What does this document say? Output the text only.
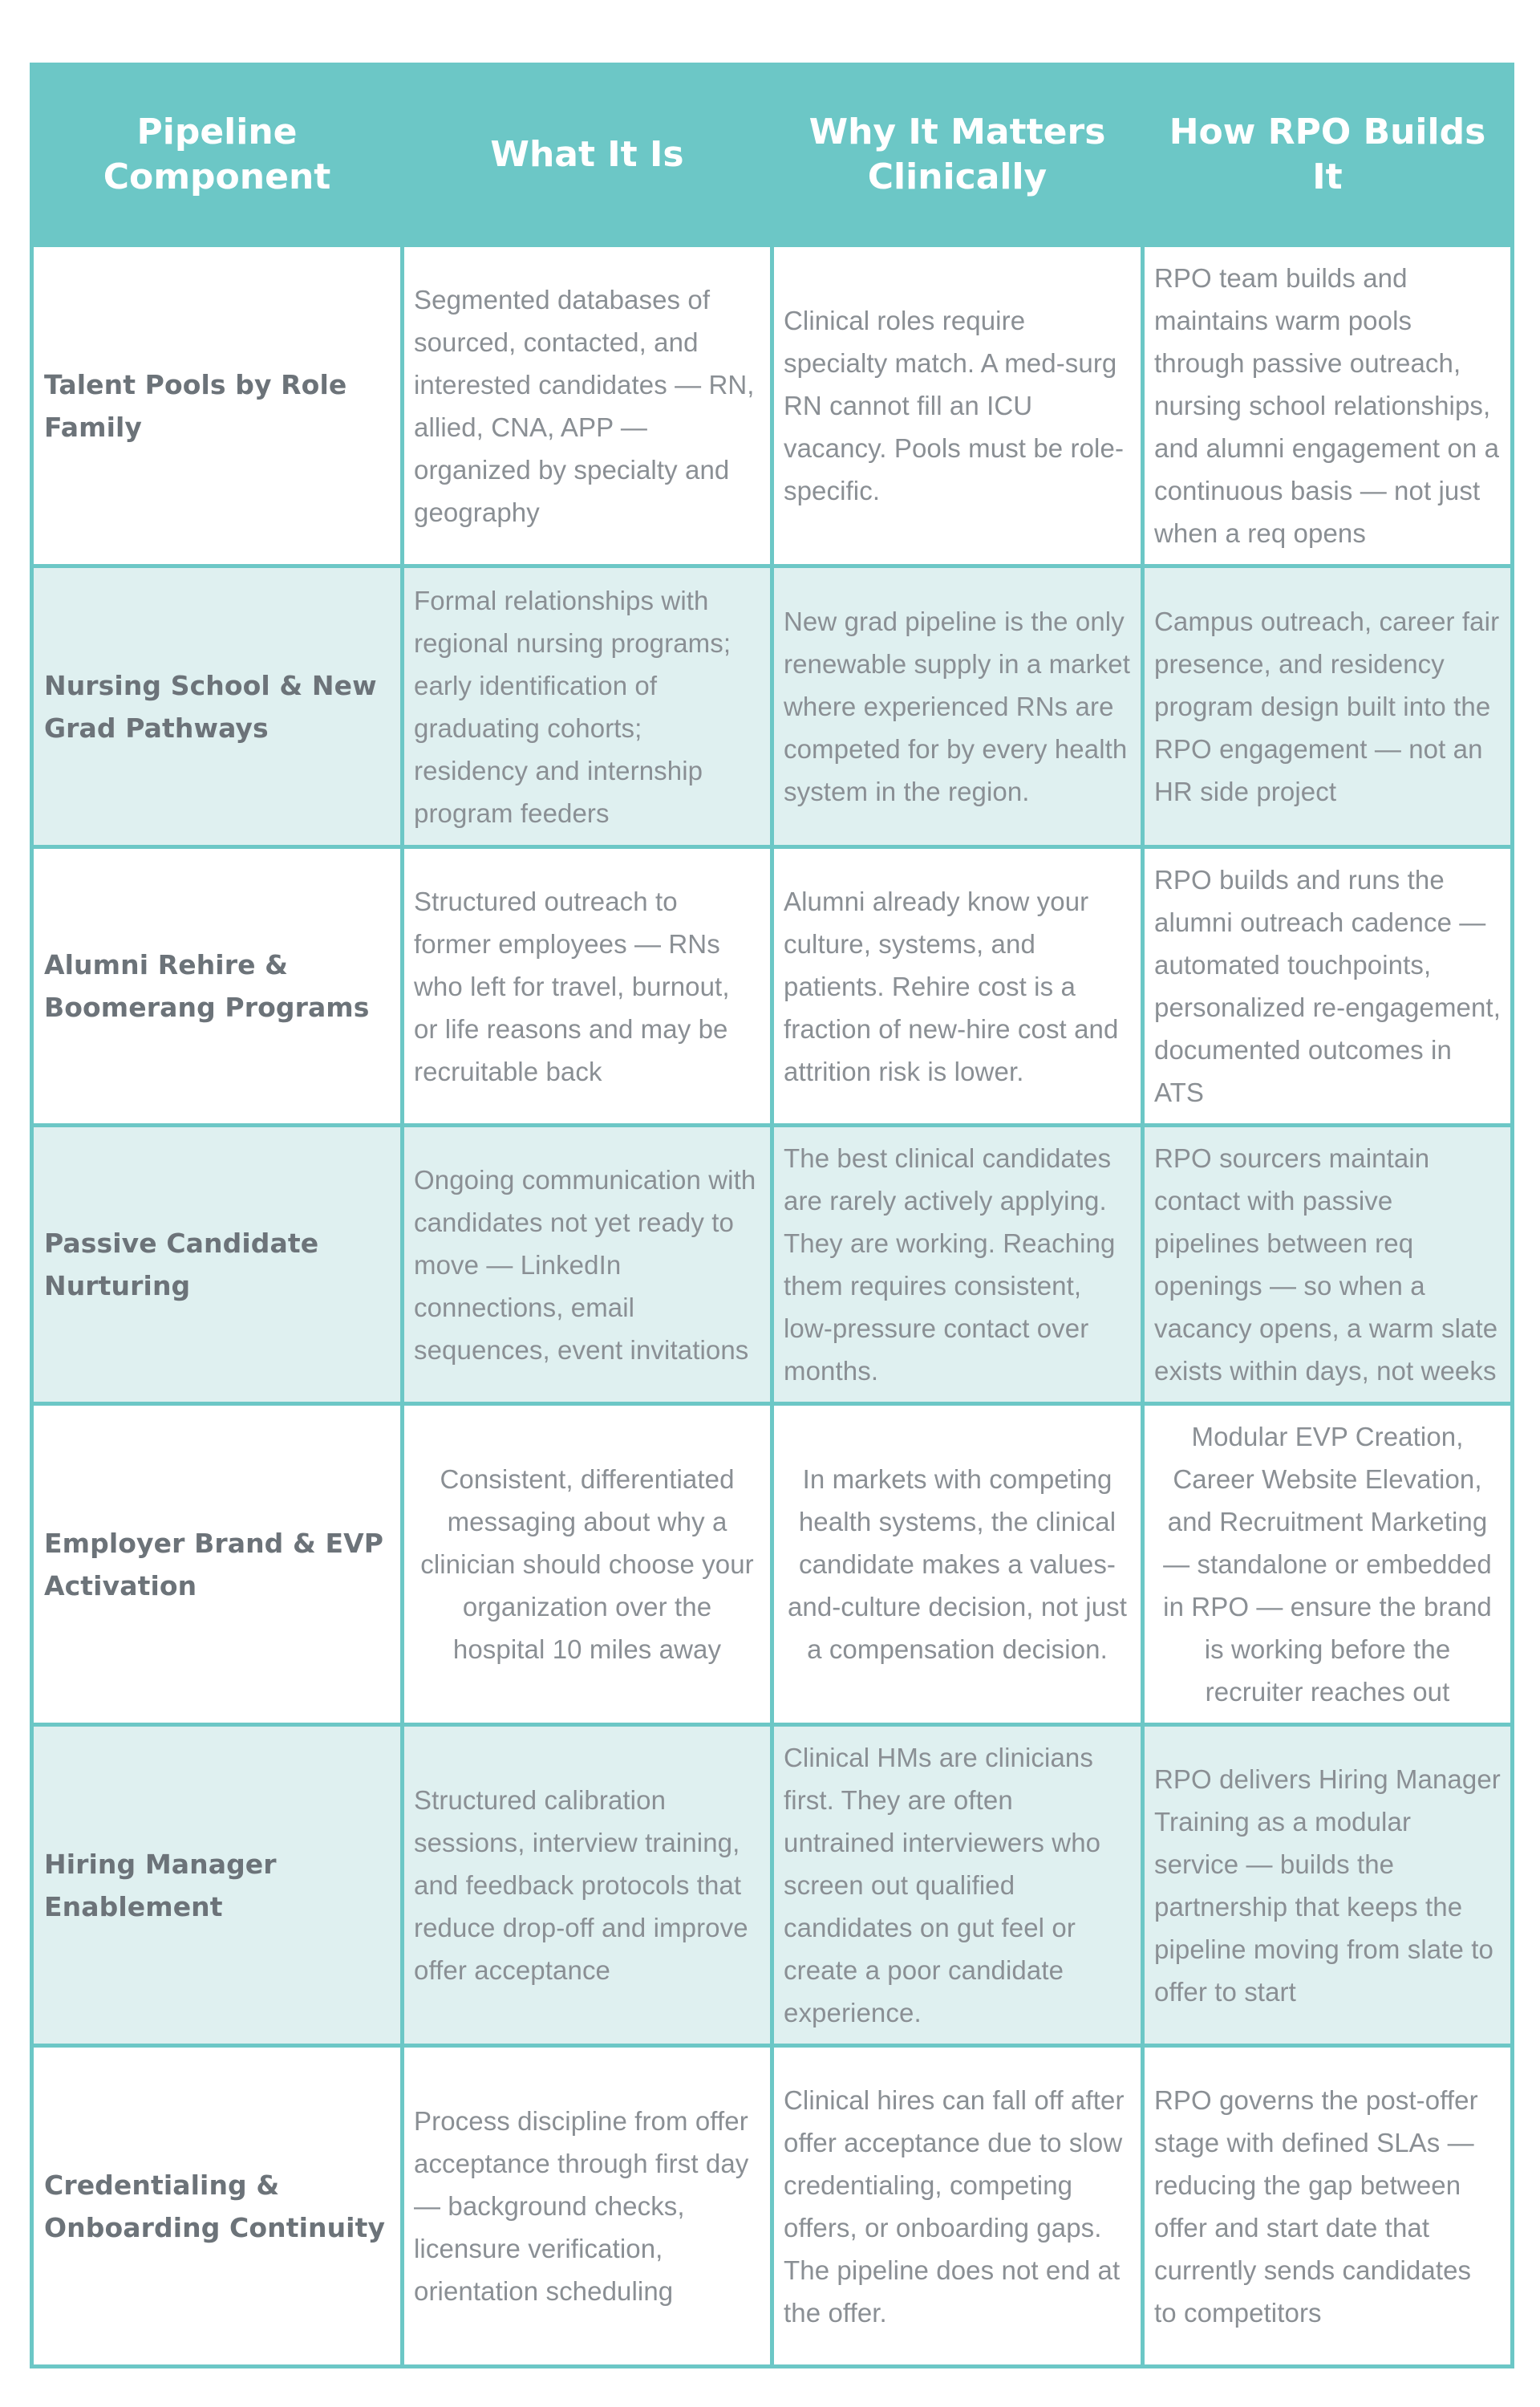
Pipeline Component	What It Is	Why It Matters Clinically	How RPO Builds It
Talent Pools by Role Family	Segmented databases of sourced, contacted, and interested candidates — RN, allied, CNA, APP — organized by specialty and geography	Clinical roles require specialty match. A med-surg RN cannot fill an ICU vacancy. Pools must be role-specific.	RPO team builds and maintains warm pools through passive outreach, nursing school relationships, and alumni engagement on a continuous basis — not just when a req opens
Nursing School & New Grad Pathways	Formal relationships with regional nursing programs; early identification of graduating cohorts; residency and internship program feeders	New grad pipeline is the only renewable supply in a market where experienced RNs are competed for by every health system in the region.	Campus outreach, career fair presence, and residency program design built into the RPO engagement — not an HR side project
Alumni Rehire & Boomerang Programs	Structured outreach to former employees — RNs who left for travel, burnout, or life reasons and may be recruitable back	Alumni already know your culture, systems, and patients. Rehire cost is a fraction of new-hire cost and attrition risk is lower.	RPO builds and runs the alumni outreach cadence — automated touchpoints, personalized re-engagement, documented outcomes in ATS
Passive Candidate Nurturing	Ongoing communication with candidates not yet ready to move — LinkedIn connections, email sequences, event invitations	The best clinical candidates are rarely actively applying. They are working. Reaching them requires consistent, low-pressure contact over months.	RPO sourcers maintain contact with passive pipelines between req openings — so when a vacancy opens, a warm slate exists within days, not weeks
Employer Brand & EVP Activation	Consistent, differentiated messaging about why a clinician should choose your organization over the hospital 10 miles away	In markets with competing health systems, the clinical candidate makes a values-and-culture decision, not just a compensation decision.	Modular EVP Creation, Career Website Elevation, and Recruitment Marketing — standalone or embedded in RPO — ensure the brand is working before the recruiter reaches out
Hiring Manager Enablement	Structured calibration sessions, interview training, and feedback protocols that reduce drop-off and improve offer acceptance	Clinical HMs are clinicians first. They are often untrained interviewers who screen out qualified candidates on gut feel or create a poor candidate experience.	RPO delivers Hiring Manager Training as a modular service — builds the partnership that keeps the pipeline moving from slate to offer to start
Credentialing & Onboarding Continuity	Process discipline from offer acceptance through first day — background checks, licensure verification, orientation scheduling	Clinical hires can fall off after offer acceptance due to slow credentialing, competing offers, or onboarding gaps. The pipeline does not end at the offer.	RPO governs the post-offer stage with defined SLAs — reducing the gap between offer and start date that currently sends candidates to competitors
